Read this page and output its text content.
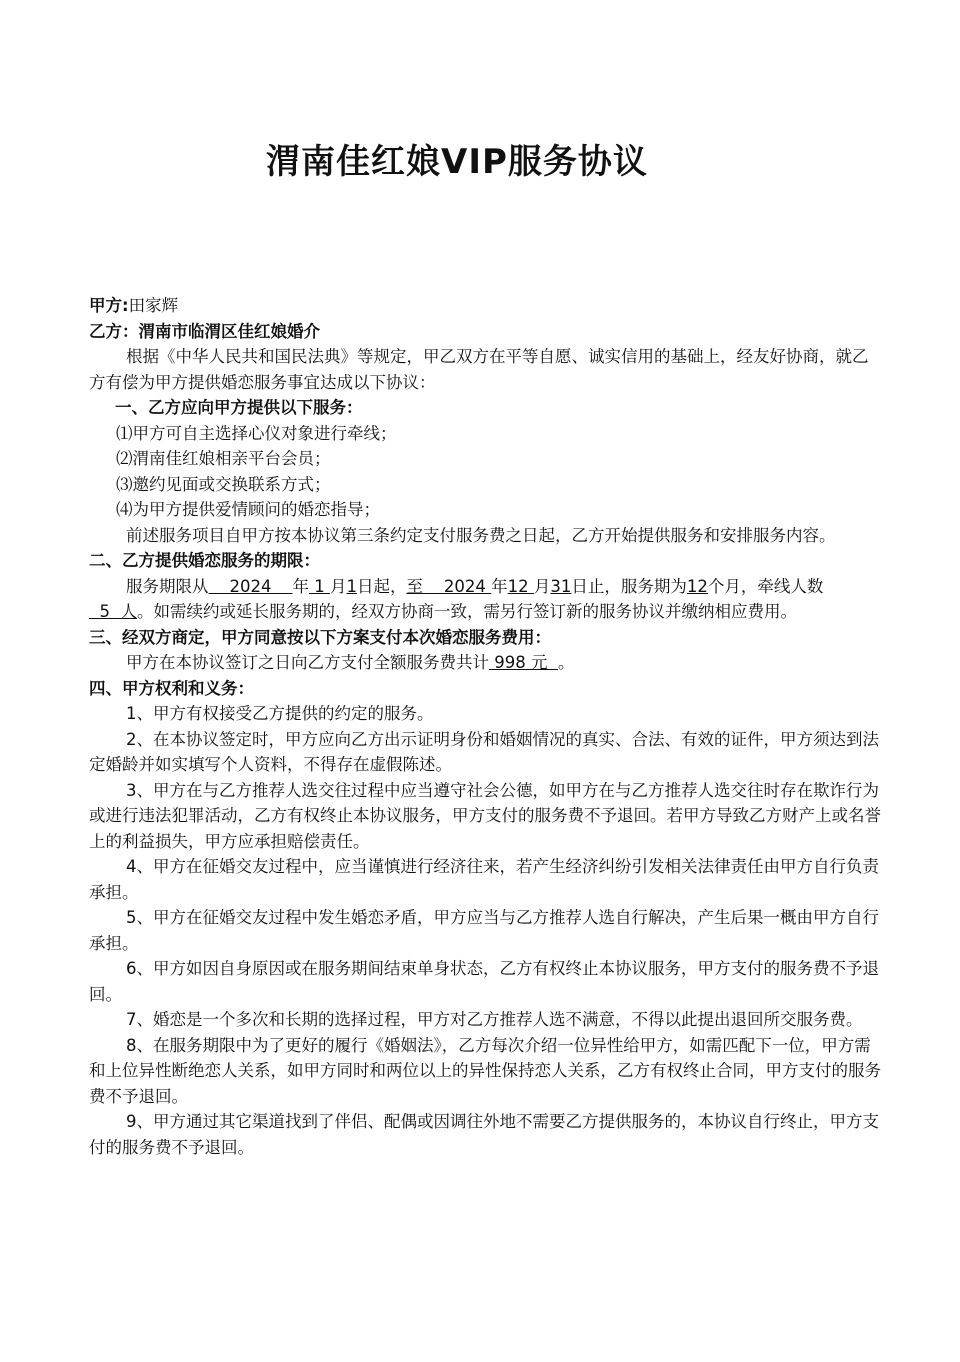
渭南佳红娘VIP服务协议

甲方:田家辉

乙方：渭南市临渭区佳红娘婚介

根据《中华人民共和国民法典》等规定，甲乙双方在平等自愿、诚实信用的基础上，经友好协商，就乙方有偿为甲方提供婚恋服务事宜达成以下协议：

一、乙方应向甲方提供以下服务：

⑴甲方可自主选择心仪对象进行牵线；

⑵渭南佳红娘相亲平台会员；

⑶邀约见面或交换联系方式；

⑷为甲方提供爱情顾问的婚恋指导；

前述服务项目自甲方按本协议第三条约定支付服务费之日起，乙方开始提供服务和安排服务内容。

二、乙方提供婚恋服务的期限：

服务期限从    2024    年 1 月1日起，至    2024 年12 月31日止，服务期为12个月，牵线人数  5  人。如需续约或延长服务期的，经双方协商一致，需另行签订新的服务协议并缴纳相应费用。

三、经双方商定，甲方同意按以下方案支付本次婚恋服务费用：

甲方在本协议签订之日向乙方支付全额服务费共计 998 元  。

四、甲方权利和义务：

1、甲方有权接受乙方提供的约定的服务。

2、在本协议签定时，甲方应向乙方出示证明身份和婚姻情况的真实、合法、有效的证件，甲方须达到法定婚龄并如实填写个人资料，不得存在虚假陈述。

3、甲方在与乙方推荐人选交往过程中应当遵守社会公德，如甲方在与乙方推荐人选交往时存在欺诈行为或进行违法犯罪活动，乙方有权终止本协议服务，甲方支付的服务费不予退回。若甲方导致乙方财产上或名誉上的利益损失，甲方应承担赔偿责任。

4、甲方在征婚交友过程中，应当谨慎进行经济往来，若产生经济纠纷引发相关法律责任由甲方自行负责承担。

5、甲方在征婚交友过程中发生婚恋矛盾，甲方应当与乙方推荐人选自行解决，产生后果一概由甲方自行承担。

6、甲方如因自身原因或在服务期间结束单身状态，乙方有权终止本协议服务，甲方支付的服务费不予退回。

7、婚恋是一个多次和长期的选择过程，甲方对乙方推荐人选不满意，不得以此提出退回所交服务费。

8、在服务期限中为了更好的履行《婚姻法》，乙方每次介绍一位异性给甲方，如需匹配下一位，甲方需和上位异性断绝恋人关系，如甲方同时和两位以上的异性保持恋人关系，乙方有权终止合同，甲方支付的服务费不予退回。

9、甲方通过其它渠道找到了伴侣、配偶或因调往外地不需要乙方提供服务的，本协议自行终止，甲方支付的服务费不予退回。
